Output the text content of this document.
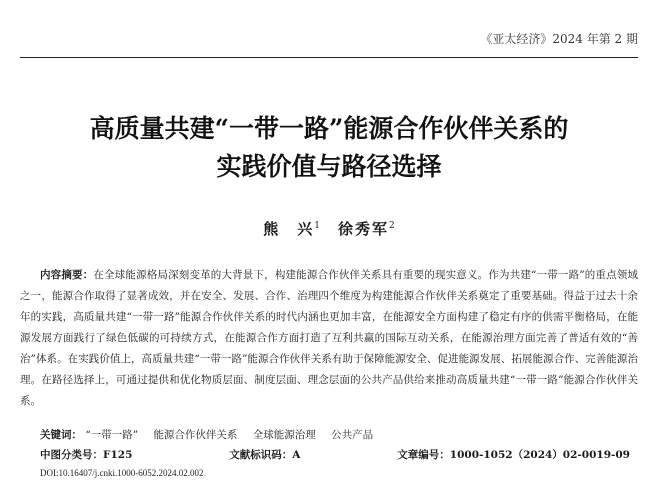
《亚太经济》2024 年第 2 期
高质量共建“一带一路”能源合作伙伴关系的
实践价值与路径选择
熊　兴$^1$ 徐秀军$^2$

内容摘要：在全球能源格局深刻变革的大背景下，构建能源合作伙伴关系具有重要的现实意义。作为共建“一带一路”的重点领域之一，能源合作取得了显著成效，并在安全、发展、合作、治理四个维度为构建能源合作伙伴关系奠定了重要基础。得益于过去十余年的实践，高质量共建“一带一路”能源合作伙伴关系的时代内涵也更加丰富，在能源安全方面构建了稳定有序的供需平衡格局，在能源发展方面践行了绿色低碳的可持续方式，在能源合作方面打造了互利共赢的国际互动关系，在能源治理方面完善了普适有效的“善治”体系。在实践价值上，高质量共建“一带一路”能源合作伙伴关系有助于保障能源安全、促进能源发展、拓展能源合作、完善能源治理。在路径选择上，可通过提供和优化物质层面、制度层面、理念层面的公共产品供给来推动高质量共建“一带一路”能源合作伙伴关系。

关键词： “一带一路” 能源合作伙伴关系 全球能源治理 公共产品
中图分类号：F125	文献标识码：A	文章编号：1000-1052（2024）02-0019-09
DOI:10.16407/j.cnki.1000-6052.2024.02.002
